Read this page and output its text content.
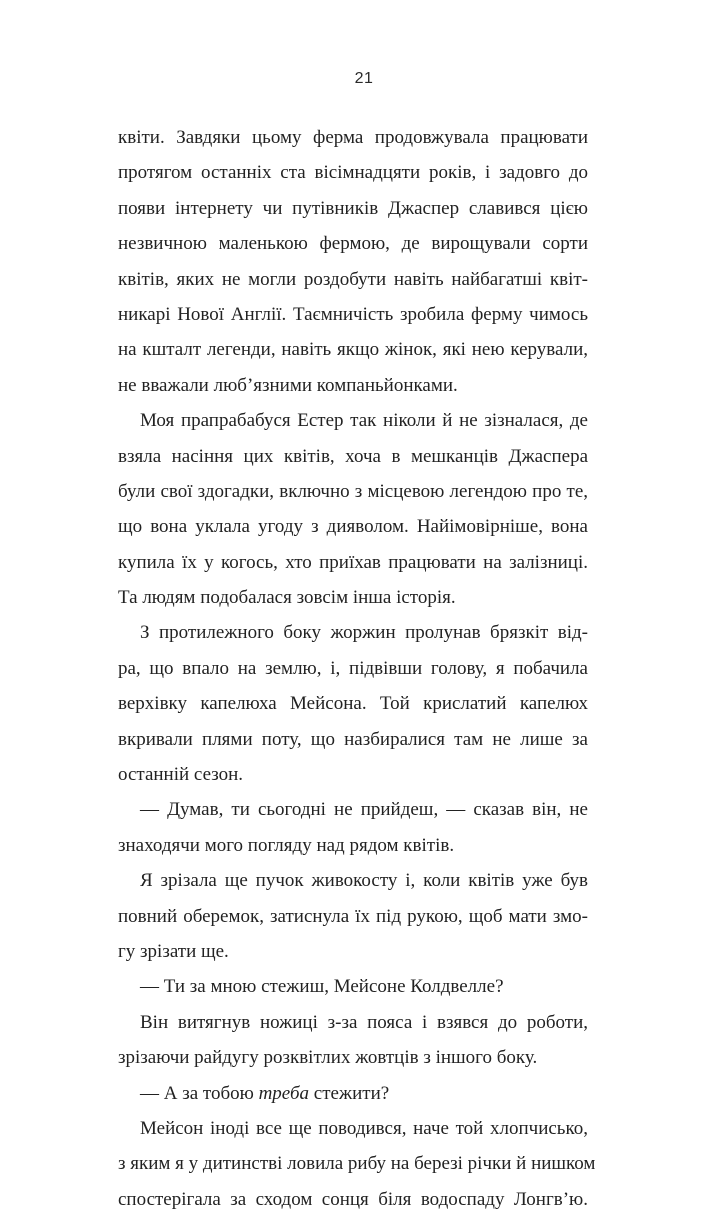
21
квіти. Завдяки цьому ферма продовжувала працювати
протягом останніх ста вісімнадцяти років, і задовго до
появи інтернету чи путівників Джаспер славився цією
незвичною маленькою фермою, де вирощували сорти
квітів, яких не могли роздобути навіть найбагатші квіт-
никарі Нової Англії. Таємничість зробила ферму чимось
на кшталт легенди, навіть якщо жінок, які нею керували,
не вважали люб’язними компаньйонками.
Моя прапрабабуся Естер так ніколи й не зізналася, де
взяла насіння цих квітів, хоча в мешканців Джаспера
були свої здогадки, включно з місцевою легендою про те,
що вона уклала угоду з дияволом. Найімовірніше, вона
купила їх у когось, хто приїхав працювати на залізниці.
Та людям подобалася зовсім інша історія.
З протилежного боку жоржин пролунав брязкіт від-
ра, що впало на землю, і, підвівши голову, я побачила
верхівку капелюха Мейсона. Той крислатий капелюх
вкривали плями поту, що назбиралися там не лише за
останній сезон.
— Думав, ти сьогодні не прийдеш, — сказав він, не
знаходячи мого погляду над рядом квітів.
Я зрізала ще пучок живокосту і, коли квітів уже був
повний оберемок, затиснула їх під рукою, щоб мати змо-
гу зрізати ще.
— Ти за мною стежиш, Мейсоне Колдвелле?
Він витягнув ножиці з-за пояса і взявся до роботи,
зрізаючи райдугу розквітлих жовтців з іншого боку.
— А за тобою треба стежити?
Мейсон іноді все ще поводився, наче той хлопчисько,
з яким я у дитинстві ловила рибу на березі річки й нишком
спостерігала за сходом сонця біля водоспаду Лонгв’ю.
